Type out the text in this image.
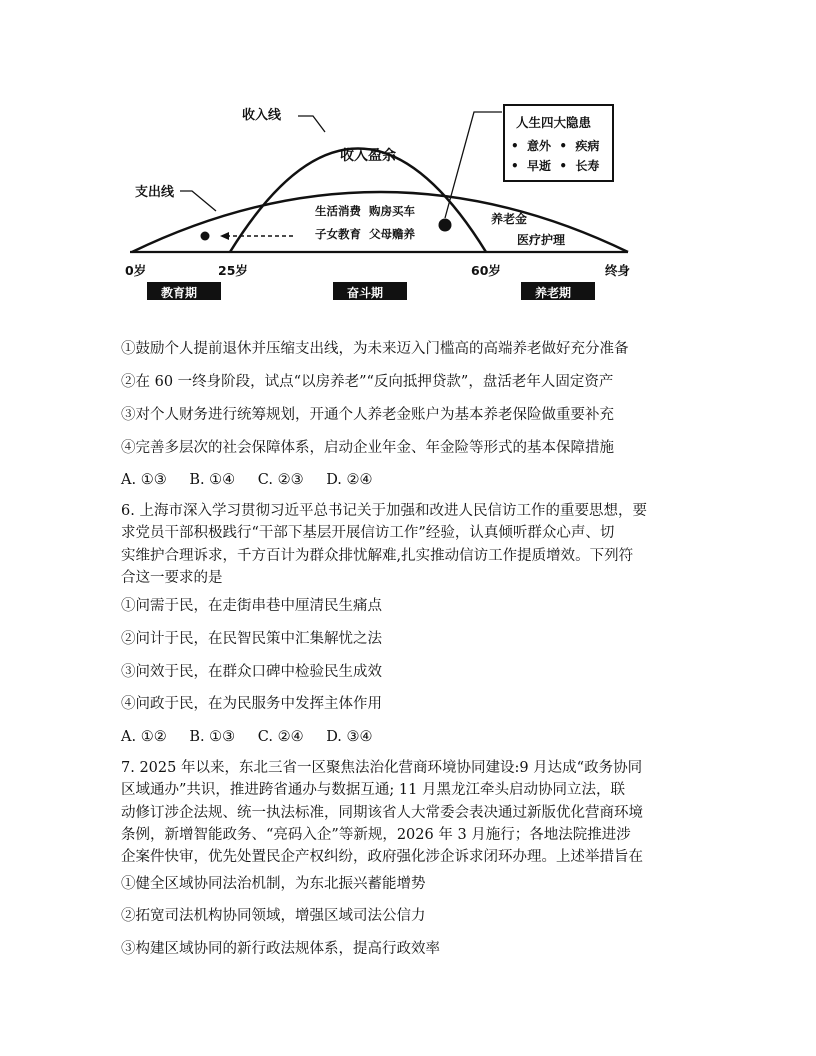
收入线
支出线
收入盈余
生活消费  购房买车
子女教育  父母赡养
养老金
医疗护理
人生四大隐患
•  意外  •  疾病
•  早逝  •  长寿
0岁	25岁	60岁	终身
教育期	奋斗期	养老期
①鼓励个人提前退休并压缩支出线，为未来迈入门槛高的高端养老做好充分准备
②在 60 一终身阶段，试点“以房养老”“反向抵押贷款”，盘活老年人固定资产
③对个人财务进行统筹规划，开通个人养老金账户为基本养老保险做重要补充
④完善多层次的社会保障体系，启动企业年金、年金险等形式的基本保障措施
A. ①③ B. ①④ C. ②③ D. ②④
6. 上海市深入学习贯彻习近平总书记关于加强和改进人民信访工作的重要思想，要
求党员干部积极践行“干部下基层开展信访工作”经验，认真倾听群众心声、切
实维护合理诉求，千方百计为群众排忧解难,扎实推动信访工作提质增效。下列符
合这一要求的是
①问需于民，在走街串巷中厘清民生痛点
②问计于民，在民智民策中汇集解忧之法
③问效于民，在群众口碑中检验民生成效
④问政于民，在为民服务中发挥主体作用
A. ①② B. ①③ C. ②④ D. ③④
7. 2025 年以来，东北三省一区聚焦法治化营商环境协同建设:9 月达成“政务协同
区域通办”共识，推进跨省通办与数据互通; 11 月黑龙江牵头启动协同立法，联
动修订涉企法规、统一执法标准，同期该省人大常委会表决通过新版优化营商环境
条例，新增智能政务、“亮码入企”等新规，2026 年 3 月施行；各地法院推进涉
企案件快审，优先处置民企产权纠纷，政府强化涉企诉求闭环办理。上述举措旨在
①健全区域协同法治机制，为东北振兴蓄能增势
②拓宽司法机构协同领域，增强区域司法公信力
③构建区域协同的新行政法规体系，提高行政效率
